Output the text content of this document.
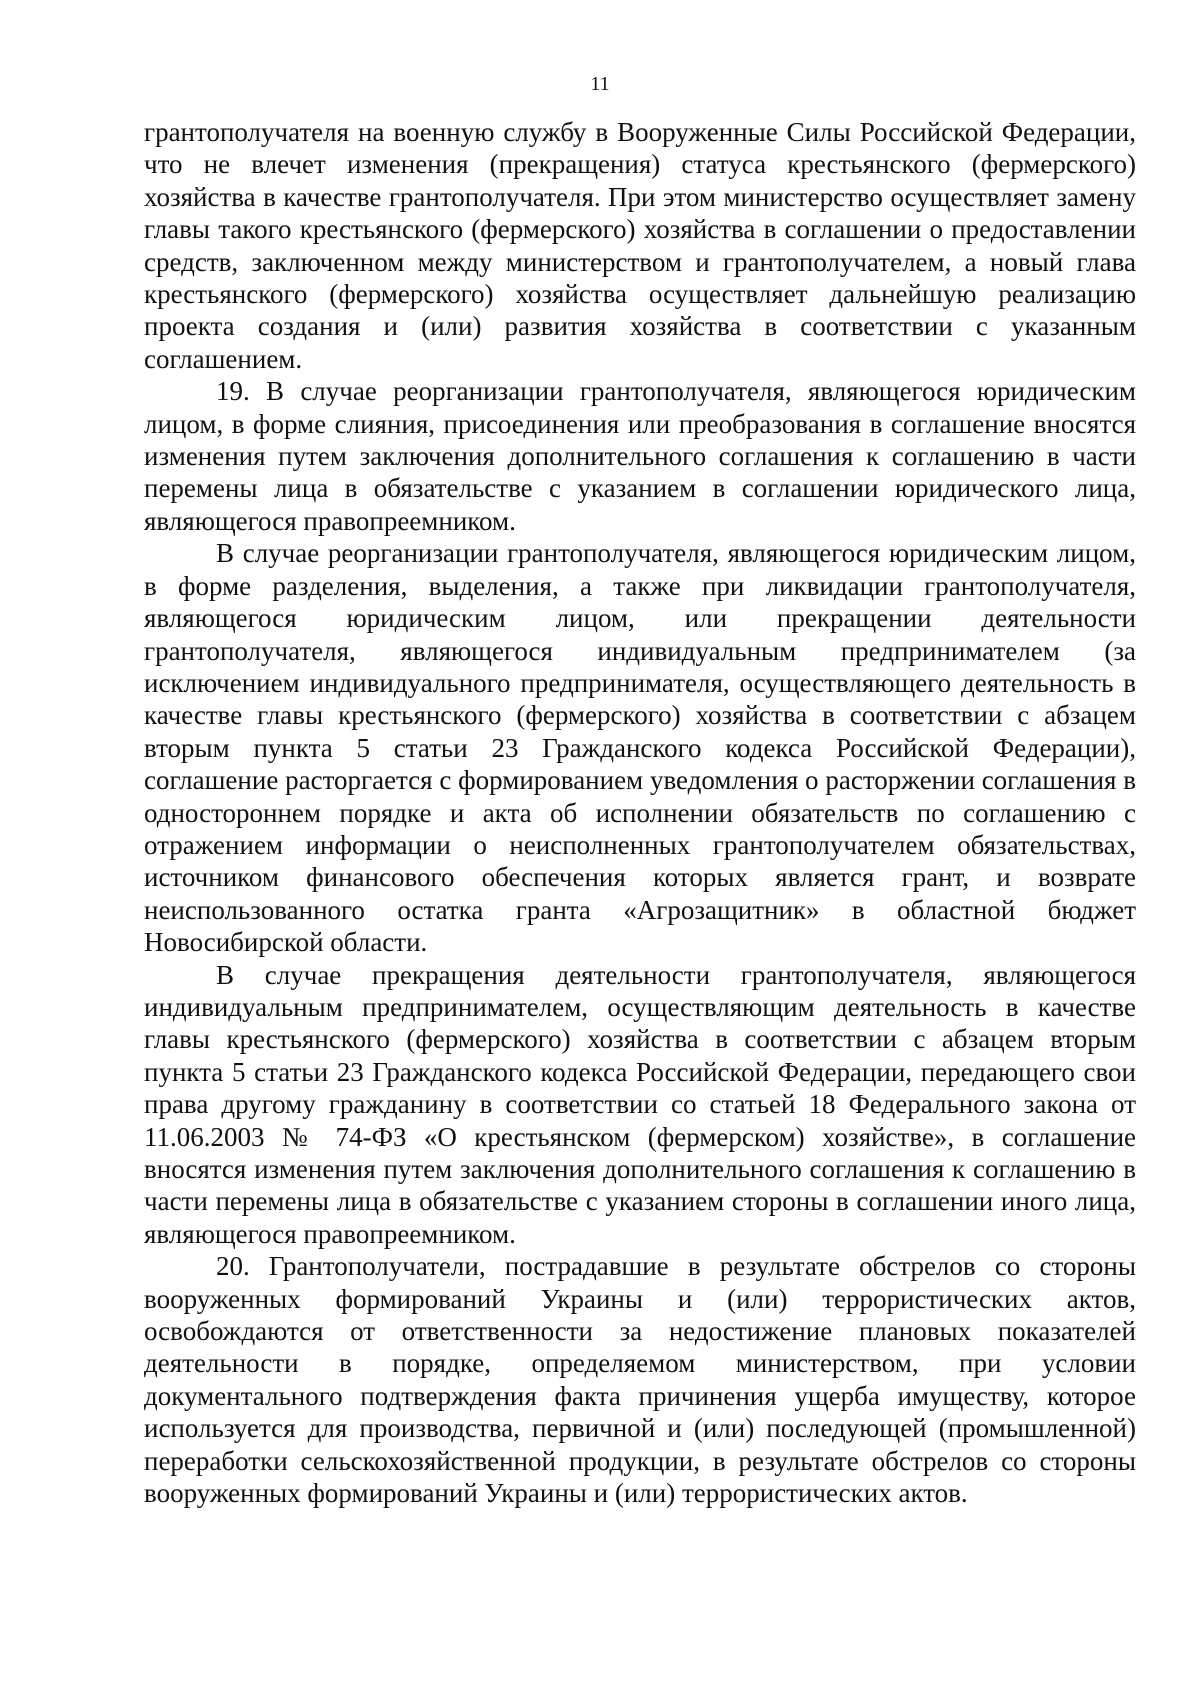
11

грантополучателя на военную службу в Вооруженные Силы Российской Федерации, что не влечет изменения (прекращения) статуса крестьянского (фермерского) хозяйства в качестве грантополучателя. При этом министерство осуществляет замену главы такого крестьянского (фермерского) хозяйства в соглашении о предоставлении средств, заключенном между министерством и грантополучателем, а новый глава крестьянского (фермерского) хозяйства осуществляет дальнейшую реализацию проекта создания и (или) развития хозяйства в соответствии с указанным соглашением.

19. В случае реорганизации грантополучателя, являющегося юридическим лицом, в форме слияния, присоединения или преобразования в соглашение вносятся изменения путем заключения дополнительного соглашения к соглашению в части перемены лица в обязательстве с указанием в соглашении юридического лица, являющегося правопреемником.

В случае реорганизации грантополучателя, являющегося юридическим лицом, в форме разделения, выделения, а также при ликвидации грантополучателя, являющегося юридическим лицом, или прекращении деятельности грантополучателя, являющегося индивидуальным предпринимателем (за исключением индивидуального предпринимателя, осуществляющего деятельность в качестве главы крестьянского (фермерского) хозяйства в соответствии с абзацем вторым пункта 5 статьи 23 Гражданского кодекса Российской Федерации), соглашение расторгается с формированием уведомления о расторжении соглашения в одностороннем порядке и акта об исполнении обязательств по соглашению с отражением информации о неисполненных грантополучателем обязательствах, источником финансового обеспечения которых является грант, и возврате неиспользованного остатка гранта «Агрозащитник» в областной бюджет Новосибирской области.

В случае прекращения деятельности грантополучателя, являющегося индивидуальным предпринимателем, осуществляющим деятельность в качестве главы крестьянского (фермерского) хозяйства в соответствии с абзацем вторым пункта 5 статьи 23 Гражданского кодекса Российской Федерации, передающего свои права другому гражданину в соответствии со статьей 18 Федерального закона от 11.06.2003 № 74-ФЗ «О крестьянском (фермерском) хозяйстве», в соглашение вносятся изменения путем заключения дополнительного соглашения к соглашению в части перемены лица в обязательстве с указанием стороны в соглашении иного лица, являющегося правопреемником.

20. Грантополучатели, пострадавшие в результате обстрелов со стороны вооруженных формирований Украины и (или) террористических актов, освобождаются от ответственности за недостижение плановых показателей деятельности в порядке, определяемом министерством, при условии документального подтверждения факта причинения ущерба имуществу, которое используется для производства, первичной и (или) последующей (промышленной) переработки сельскохозяйственной продукции, в результате обстрелов со стороны вооруженных формирований Украины и (или) террористических актов.
